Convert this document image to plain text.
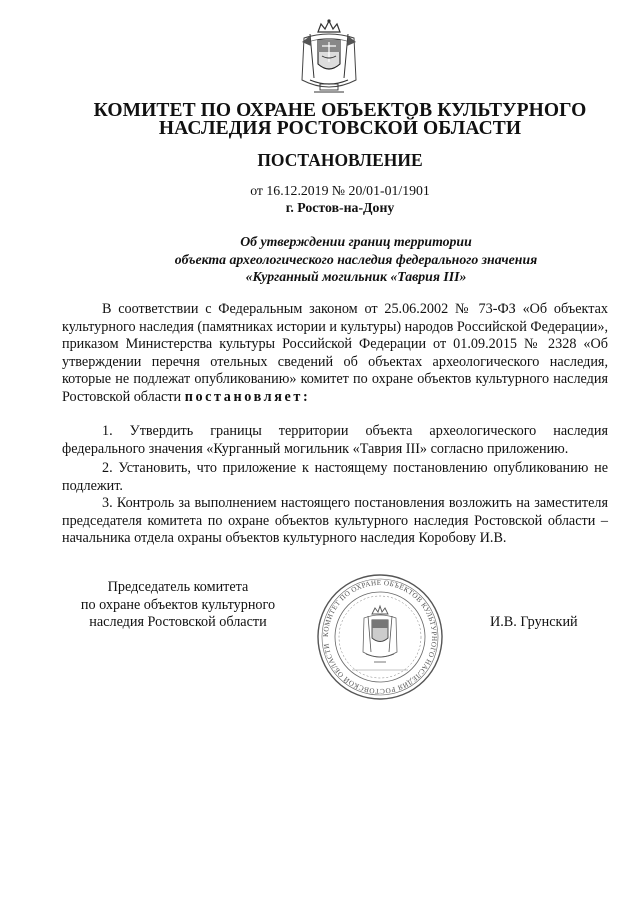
КОМИТЕТ ПО ОХРАНЕ ОБЪЕКТОВ КУЛЬТУРНОГО
НАСЛЕДИЯ РОСТОВСКОЙ ОБЛАСТИ
ПОСТАНОВЛЕНИЕ
от 16.12.2019 № 20/01-01/1901
г. Ростов-на-Дону
Об утверждении границ территории
объекта археологического наследия федерального значения
«Курганный могильник «Таврия III»

В соответствии с Федеральным законом от 25.06.2002 № 73-ФЗ «Об объектах культурного наследия (памятниках истории и культуры) народов Российской Федерации», приказом Министерства культуры Российской Федерации от 01.09.2015 № 2328 «Об утверждении перечня отельных сведений об объектах археологического наследия, которые не подлежат опубликованию» комитет по охране объектов культурного наследия Ростовской области постановляет:

1. Утвердить границы территории объекта археологического наследия федерального значения «Курганный могильник «Таврия III» согласно приложению.

2. Установить, что приложение к настоящему постановлению опубликованию не подлежит.

3. Контроль за выполнением настоящего постановления возложить на заместителя председателя комитета по охране объектов культурного наследия Ростовской области – начальника отдела охраны объектов культурного наследия Коробову И.В.

Председатель комитета
по охране объектов культурного
наследия Ростовской области
КОМИТЕТ ПО ОХРАНЕ ОБЪЕКТОВ КУЛЬТУРНОГО НАСЛЕДИЯ РОСТОВСКОЙ ОБЛАСТИ
И.В. Грунский
